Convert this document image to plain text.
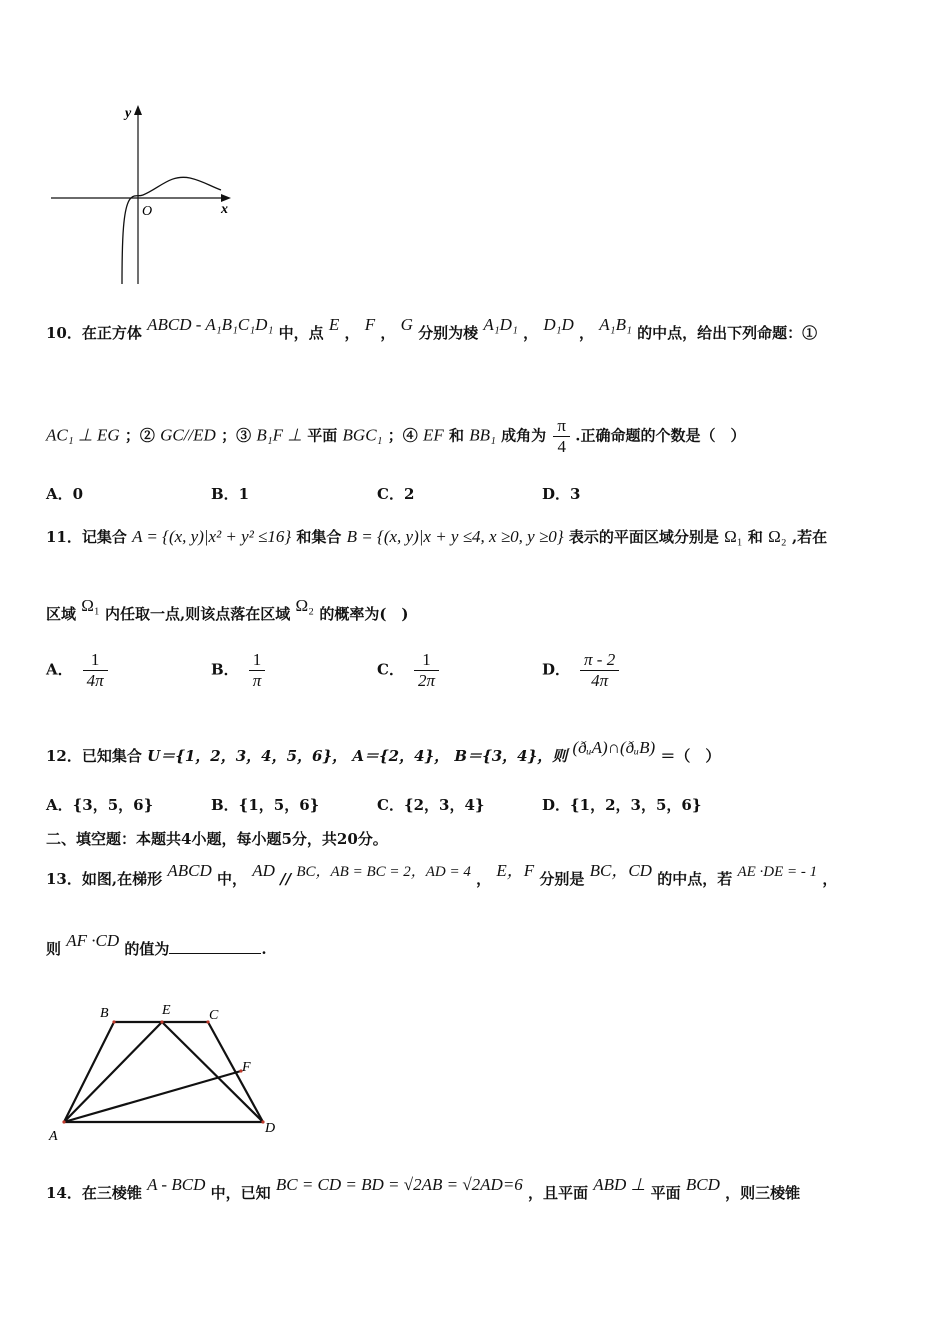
y
x
O
10．在正方体 ABCD - A₁B₁C₁D₁ 中，点 E ， F ， G 分别为棱 A₁D₁ ， D₁D ， A₁B₁ 的中点，给出下列命题：①
AC₁ ⊥ EG ；② GC//ED ；③ B₁F ⊥ 平面 BGC₁ ；④ EF 和 BB₁ 成角为 $\frac{\pi}{4}$ .正确命题的个数是（　）
A．0	B．1	C．2	D．3
11．记集合 A = {(x, y)|x² + y² ≤16} 和集合 B = {(x, y)|x + y ≤4, x ≥0, y ≥0} 表示的平面区域分别是 Ω₁ 和 Ω₂ ,若在
区域 Ω₁ 内任取一点,则该点落在区域 Ω₂ 的概率为(　)
A． $\frac{1}{4\pi}$	B． $\frac{1}{\pi}$	C． $\frac{1}{2\pi}$	D． $\frac{\pi - 2}{4\pi}$
12．已知集合 U＝{1，2，3，4，5，6}， A＝{2，4}， B＝{3，4}，则 (ðᵤA)∩(ðᵤB) ＝（　）
A．{3，5，6}	B．{1，5，6}	C．{2，3，4}	D．{1，2，3，5，6}
二、填空题：本题共4小题，每小题5分，共20分。
13．如图,在梯形 ABCD 中， AD // BC，AB = BC = 2，AD = 4 ， E，F 分别是 BC，CD 的中点，若 AE ·DE = - 1 ，
则 AF ·CD 的值为	.
B	E	C
F
A
D
14．在三棱锥 A - BCD 中，已知 BC = CD = BD = √2AB = √2AD=6 ，且平面 ABD ⊥ 平面 BCD ，则三棱锥
